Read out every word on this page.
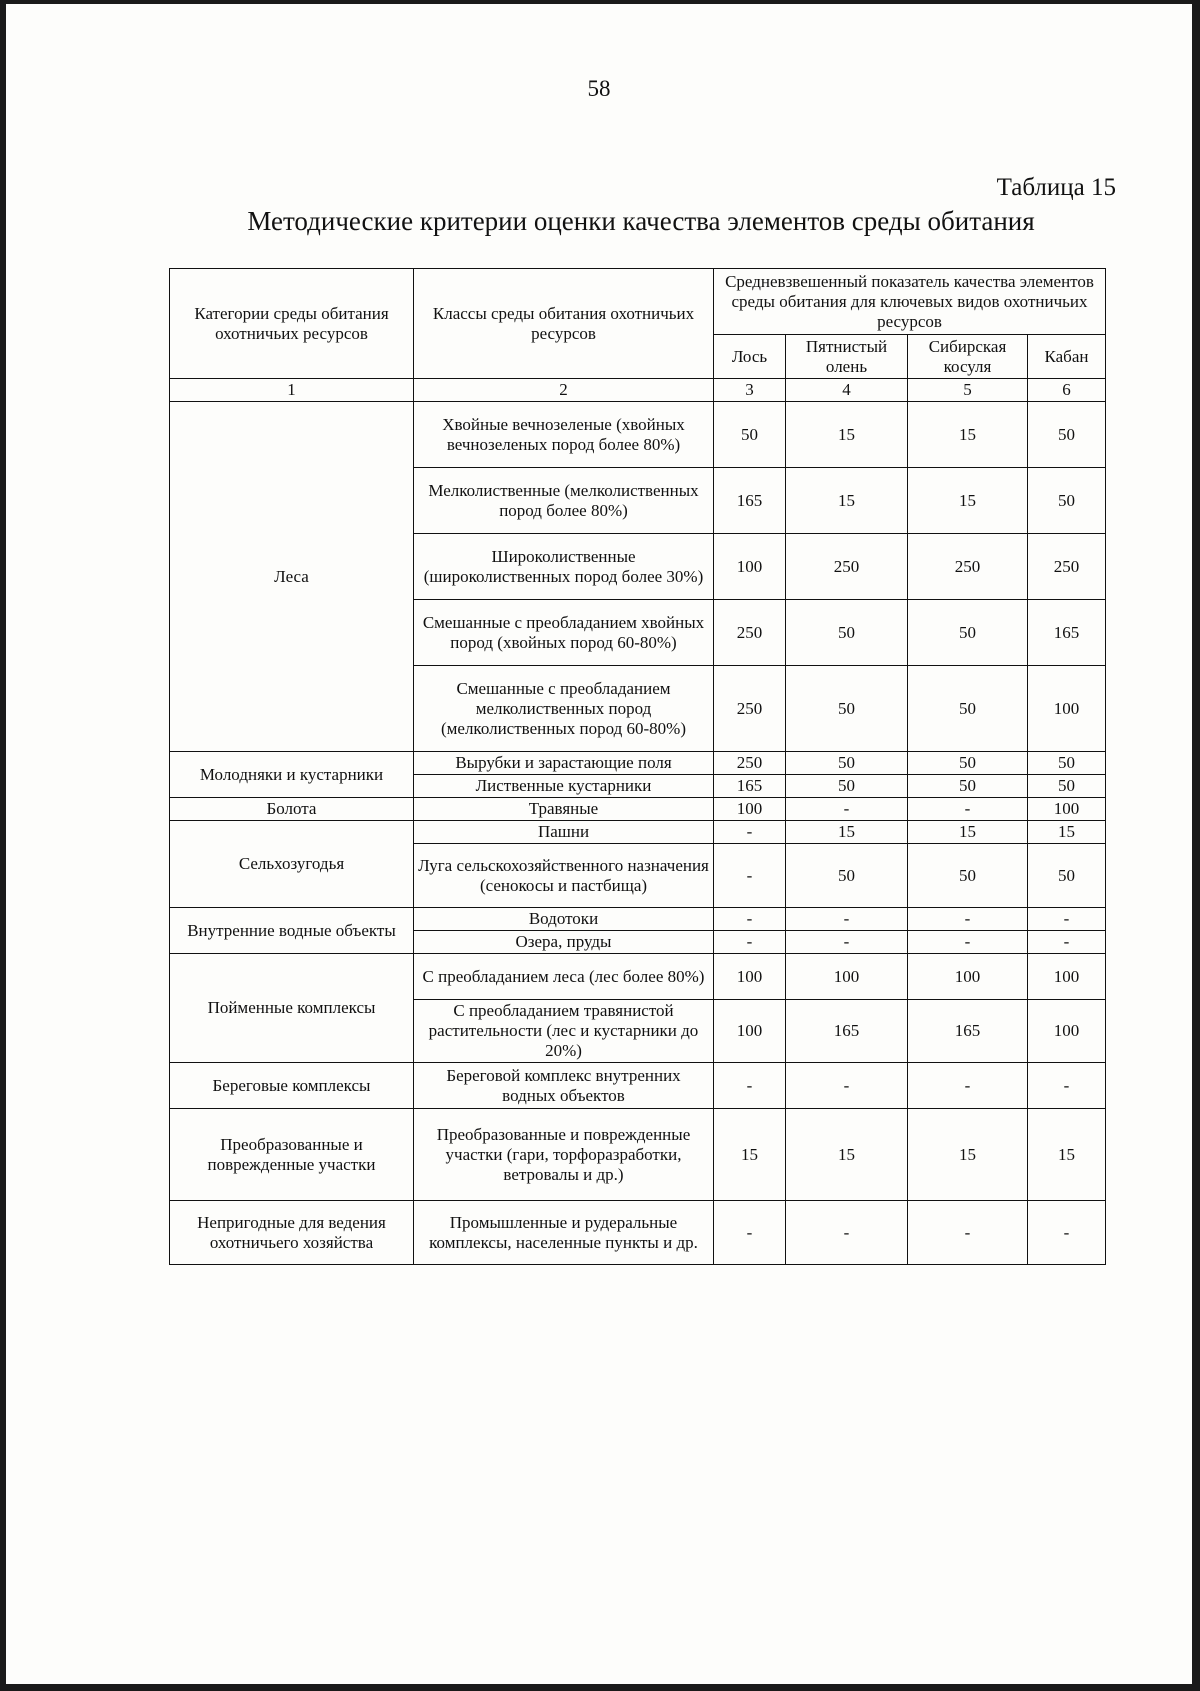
58
Таблица 15
Методические критерии оценки качества элементов среды обитания
Категории среды обитания охотничьих ресурсов	Классы среды обитания охотничьих ресурсов	Средневзвешенный показатель качества элементов среды обитания для ключевых видов охотничьих ресурсов			
		Лось	Пятнистый олень	Сибирская косуля	Кабан
1	2	3	4	5	6
Леса	Хвойные вечнозеленые (хвойных вечнозеленых пород более 80%)	50	15	15	50
	Мелколиственные (мелколиственных пород более 80%)	165	15	15	50
	Широколиственные (широколиственных пород более 30%)	100	250	250	250
	Смешанные с преобладанием хвойных пород (хвойных пород 60-80%)	250	50	50	165
	Смешанные с преобладанием мелколиственных пород (мелколиственных пород 60-80%)	250	50	50	100
Молодняки и кустарники	Вырубки и зарастающие поля	250	50	50	50
	Лиственные кустарники	165	50	50	50
Болота	Травяные	100	-	-	100
Сельхозугодья	Пашни	-	15	15	15
	Луга сельскохозяйственного назначения (сенокосы и пастбища)	-	50	50	50
Внутренние водные объекты	Водотоки	-	-	-	-
	Озера, пруды	-	-	-	-
Пойменные комплексы	С преобладанием леса (лес более 80%)	100	100	100	100
	С преобладанием травянистой растительности (лес и кустарники до 20%)	100	165	165	100
Береговые комплексы	Береговой комплекс внутренних водных объектов	-	-	-	-
Преобразованные и поврежденные участки	Преобразованные и поврежденные участки (гари, торфоразработки, ветровалы и др.)	15	15	15	15
Непригодные для ведения охотничьего хозяйства	Промышленные и рудеральные комплексы, населенные пункты и др.	-	-	-	-
